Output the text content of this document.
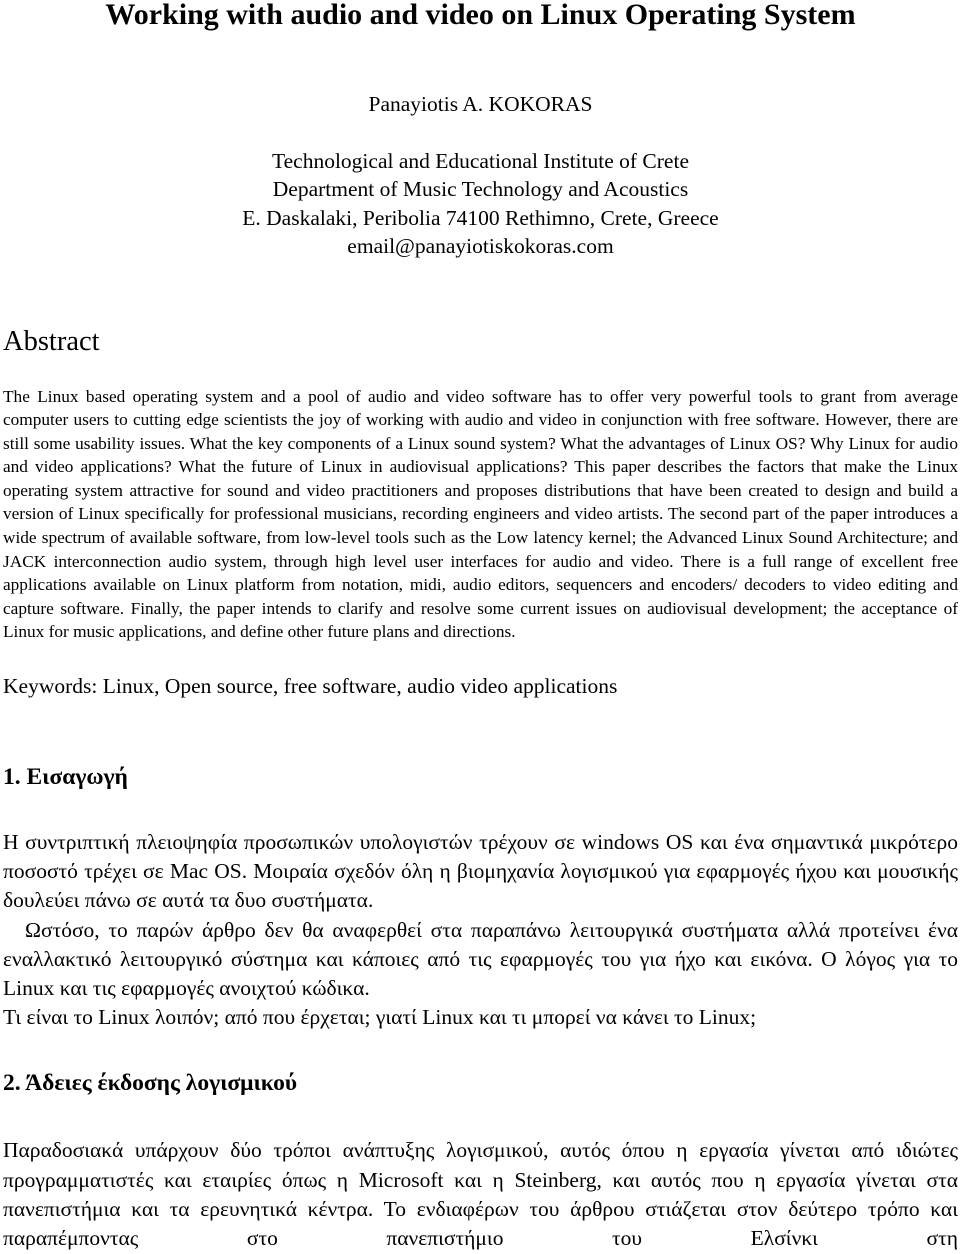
Working with audio and video on Linux Operating System
Panayiotis A. KOKORAS
Technological and Educational Institute of Crete
Department of Music Technology and Acoustics
E. Daskalaki, Peribolia 74100 Rethimno, Crete, Greece
email@panayiotiskokoras.com
Abstract

The Linux based operating system and a pool of audio and video software has to offer very powerful tools to grant from average computer users to cutting edge scientists the joy of working with audio and video in conjunction with free software. However, there are still some usability issues. What the key components of a Linux sound system? What the advantages of Linux OS? Why Linux for audio and video applications? What the future of Linux in audiovisual applications? This paper describes the factors that make the Linux operating system attractive for sound and video practitioners and proposes distributions that have been created to design and build a version of Linux specifically for professional musicians, recording engineers and video artists. The second part of the paper introduces a wide spectrum of available software, from low-level tools such as the Low latency kernel; the Advanced Linux Sound Architecture; and JACK interconnection audio system, through high level user interfaces for audio and video. There is a full range of excellent free applications available on Linux platform from notation, midi, audio editors, sequencers and encoders/ decoders to video editing and capture software. Finally, the paper intends to clarify and resolve some current issues on audiovisual development; the acceptance of Linux for music applications, and define other future plans and directions.

Keywords: Linux, Open source, free software, audio video applications

1. Εισαγωγή

Η συντριπτική πλειοψηφία προσωπικών υπολογιστών τρέχουν σε windows OS και ένα σημαντικά μικρότερο ποσοστό τρέχει σε Mac OS. Μοιραία σχεδόν όλη η βιομηχανία λογισμικού για εφαρμογές ήχου και μουσικής δουλεύει πάνω σε αυτά τα δυο συστήματα.

Ωστόσο, το παρών άρθρο δεν θα αναφερθεί στα παραπάνω λειτουργικά συστήματα αλλά προτείνει ένα εναλλακτικό λειτουργικό σύστημα και κάποιες από τις εφαρμογές του για ήχο και εικόνα. Ο λόγος για το Linux και τις εφαρμογές ανοιχτού κώδικα.

Τι είναι το Linux λοιπόν; από που έρχεται; γιατί Linux και τι μπορεί να κάνει το Linux;

2. Άδειες έκδοσης λογισμικού

Παραδοσιακά υπάρχουν δύο τρόποι ανάπτυξης λογισμικού, αυτός όπου η εργασία γίνεται από ιδιώτες προγραμματιστές και εταιρίες όπως η Microsoft και η Steinberg, και αυτός που η εργασία γίνεται στα πανεπιστήμια και τα ερευνητικά κέντρα. Το ενδιαφέρων του άρθρου στιάζεται στον δεύτερο τρόπο και παραπέμποντας στο πανεπιστήμιο του Ελσίνκι στη
